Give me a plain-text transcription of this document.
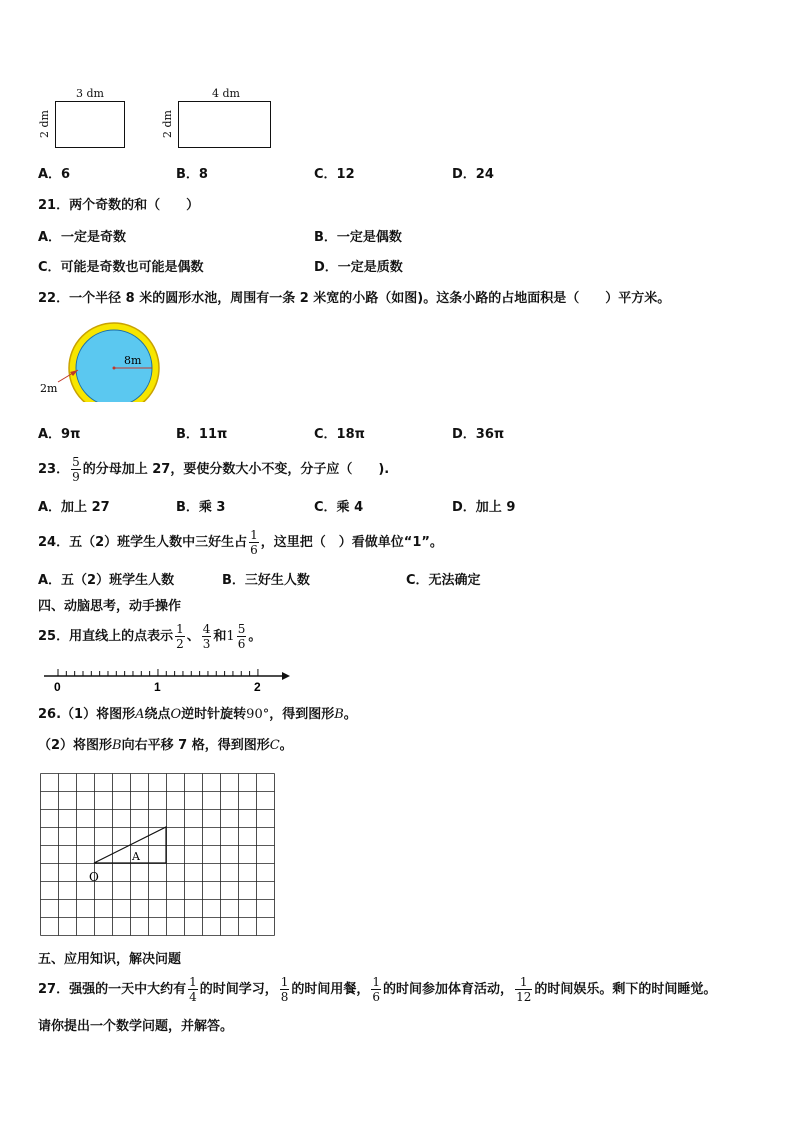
3 dm
2 dm
4 dm
2 dm
A．6	B．8	C．12	D．24
21．两个奇数的和（　　）
A．一定是奇数	B．一定是偶数
C．可能是奇数也可能是偶数	D．一定是质数
22．一个半径 8 米的圆形水池，周围有一条 2 米宽的小路（如图)。这条小路的占地面积是（　　）平方米。
8m
2m
A．9π	B．11π	C．18π	D．36π
23． $\frac{5}{9}$ 的分母加上 27，要使分数大小不变，分子应（　　).
A．加上 27	B．乘 3	C．乘 4	D．加上 9
24．五（2）班学生人数中三好生占 $\frac{1}{6}$ ，这里把（　）看做单位“1”。
A．五（2）班学生人数	B．三好生人数	C．无法确定
四、动脑思考，动手操作
25．用直线上的点表示 $\frac{1}{2}$ 、 $\frac{4}{3}$ 和$1 \frac{5}{6}$ 。
0	1	2
26.（1）将图形A绕点O逆时针旋转90°，得到图形B。
（2）将图形B向右平移 7 格，得到图形C。
A
O
五、应用知识，解决问题
27．强强的一天中大约有 $\frac{1}{4}$ 的时间学习， $\frac{1}{8}$ 的时间用餐， $\frac{1}{6}$ 的时间参加体育活动， $\frac{1}{12}$ 的时间娱乐。剩下的时间睡觉。
请你提出一个数学问题，并解答。
